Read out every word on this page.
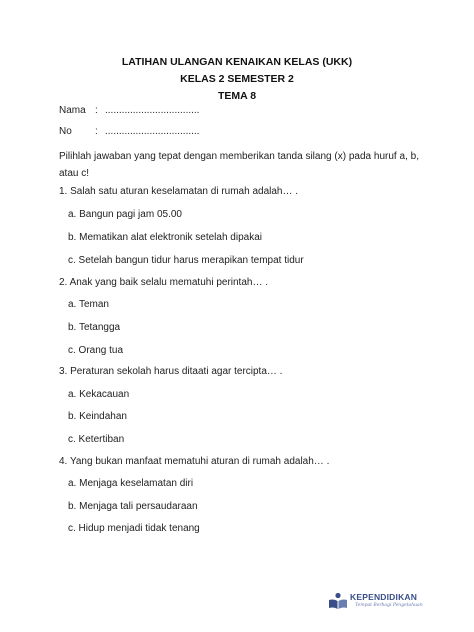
LATIHAN ULANGAN KENAIKAN KELAS (UKK)
KELAS 2 SEMESTER 2
TEMA 8
Nama : ..................................
No : ..................................
Pilihlah jawaban yang tepat dengan memberikan tanda silang (x) pada huruf a, b, atau c!
1. Salah satu aturan keselamatan di rumah adalah… .
a. Bangun pagi jam 05.00
b. Mematikan alat elektronik setelah dipakai
c. Setelah bangun tidur harus merapikan tempat tidur
2. Anak yang baik selalu mematuhi perintah… .
a. Teman
b. Tetangga
c. Orang tua
3. Peraturan sekolah harus ditaati agar tercipta… .
a. Kekacauan
b. Keindahan
c. Ketertiban
4. Yang bukan manfaat mematuhi aturan di rumah adalah… .
a. Menjaga keselamatan diri
b. Menjaga tali persaudaraan
c. Hidup menjadi tidak tenang
KEPENDIDIKAN
Tempat Berbagi Pengetahuan
